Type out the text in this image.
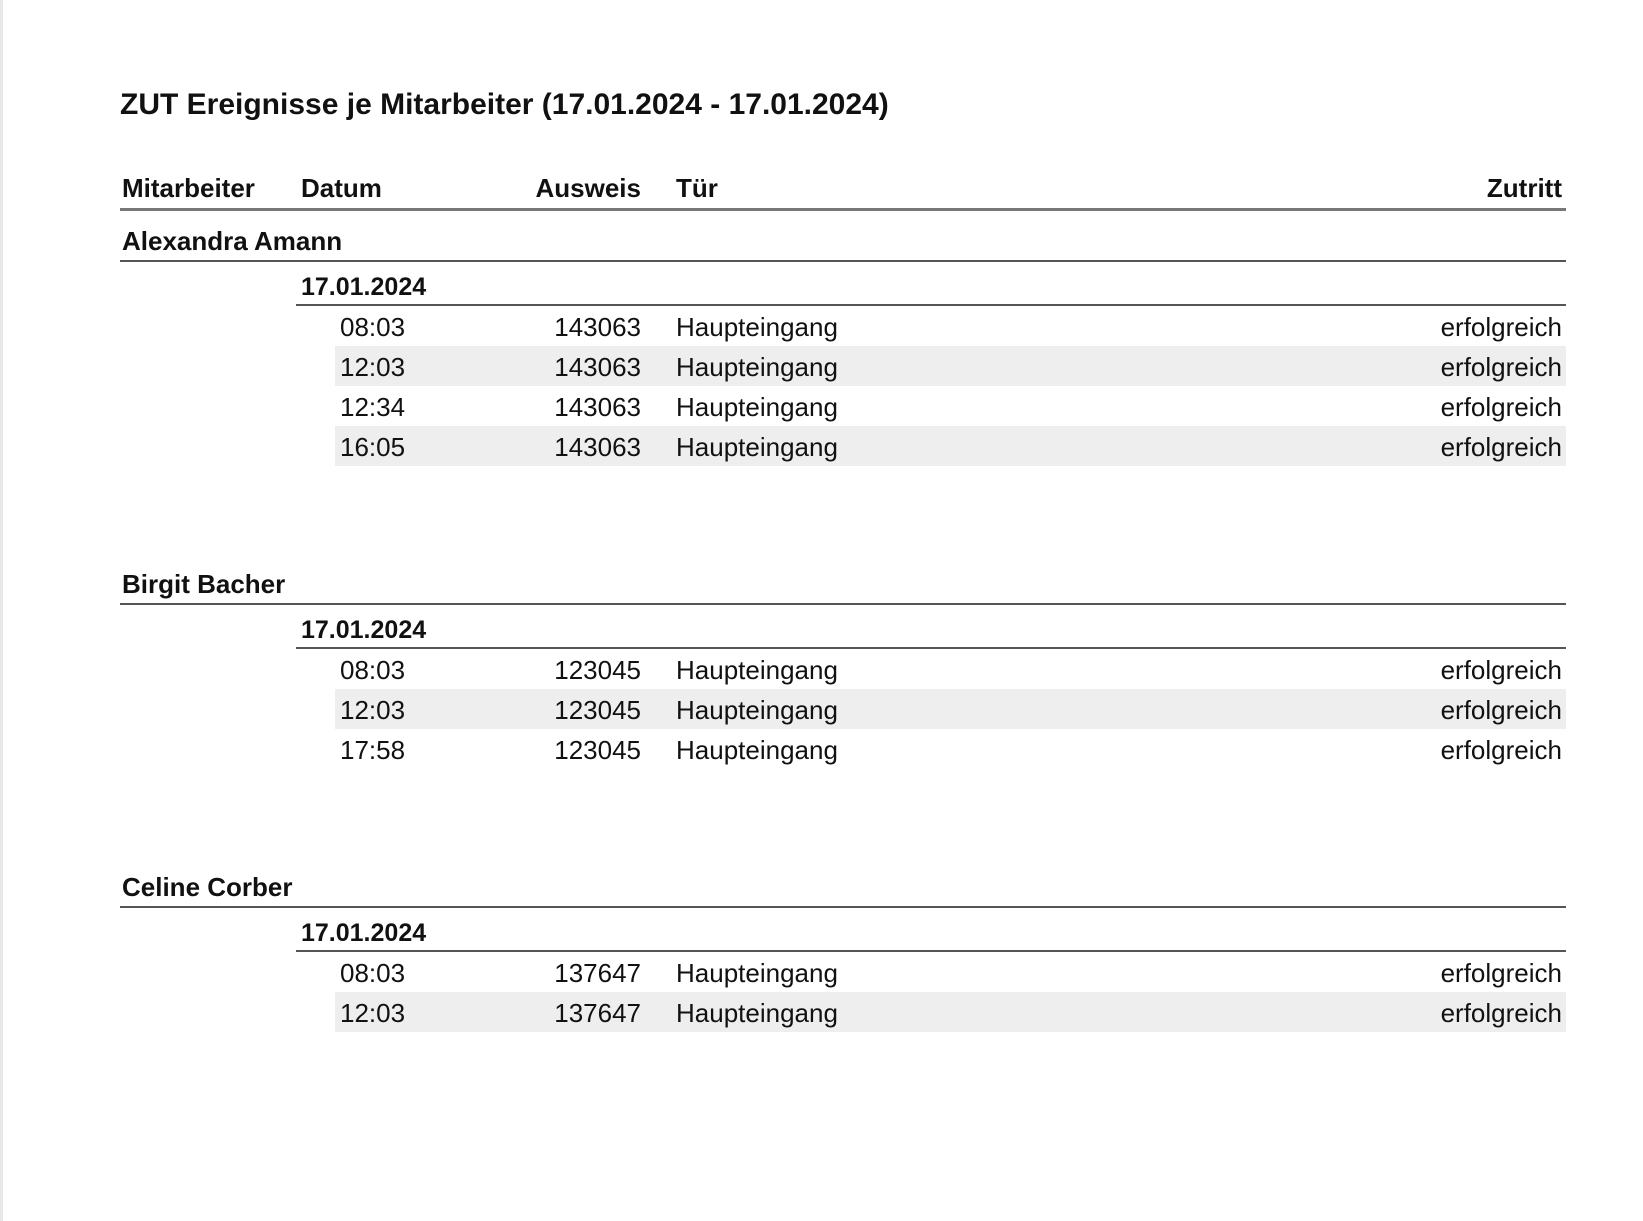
ZUT Ereignisse je Mitarbeiter (17.01.2024 - 17.01.2024)
Mitarbeiter Datum	Ausweis Tür	Zutritt
Alexandra Amann
17.01.2024
08:03	143063 Haupteingang	erfolgreich
12:03	143063 Haupteingang	erfolgreich
12:34	143063 Haupteingang	erfolgreich
16:05	143063 Haupteingang	erfolgreich
Birgit Bacher
17.01.2024
08:03	123045 Haupteingang	erfolgreich
12:03	123045 Haupteingang	erfolgreich
17:58	123045 Haupteingang	erfolgreich
Celine Corber
17.01.2024
08:03	137647 Haupteingang	erfolgreich
12:03	137647 Haupteingang	erfolgreich
